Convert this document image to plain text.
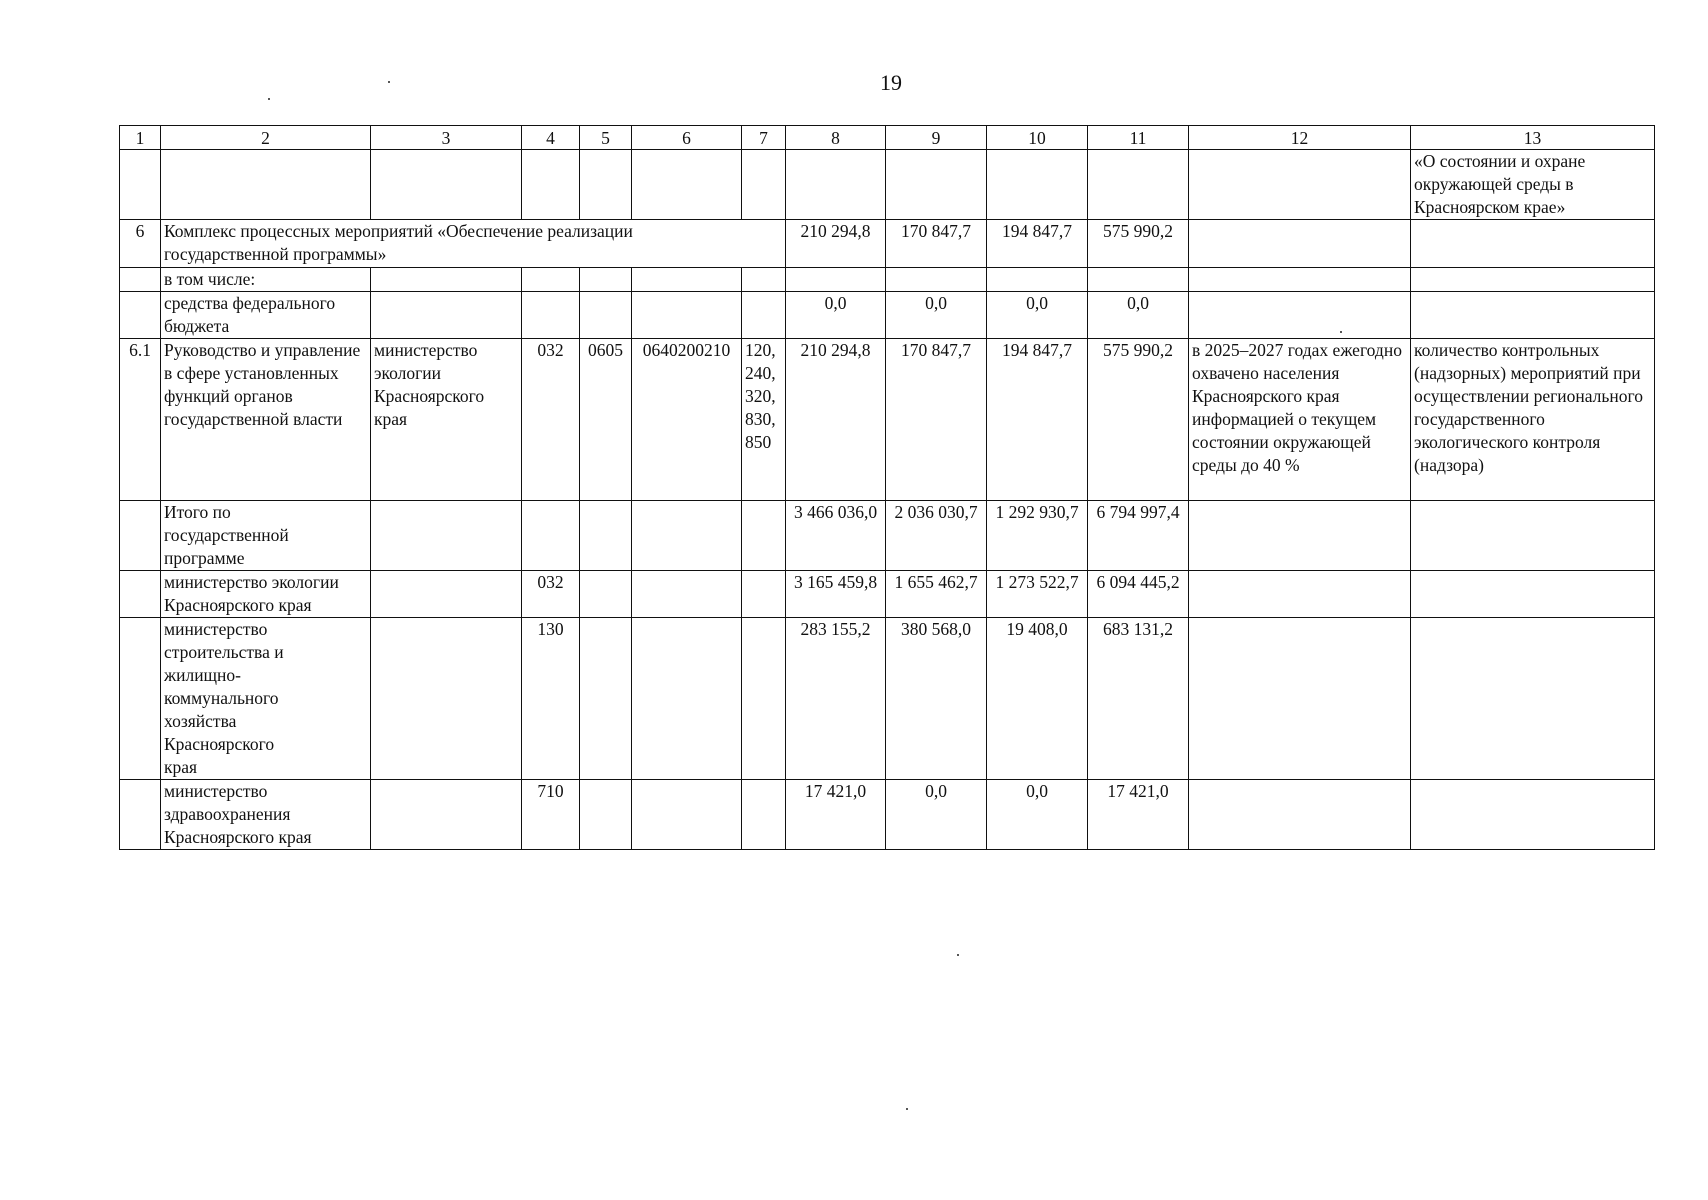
19
1	2	3	4	5	6	7	8	9	10	11	12	13
												«О состоянии и охране окружающей среды в Красноярском крае»
6	Комплекс процессных мероприятий «Обеспечение реализации государственной программы»						210 294,8	170 847,7	194 847,7	575 990,2		
	в том числе:											
	средства федерального бюджета						0,0	0,0	0,0	0,0		
6.1	Руководство и управление в сфере установленных функций органов государственной власти	министерство экологии Красноярского края	032	0605	0640200210	120, 240, 320, 830, 850	210 294,8	170 847,7	194 847,7	575 990,2	в 2025–2027 годах ежегодно охвачено населения Красноярского края информацией о текущем состоянии окружающей среды до 40 %	количество контрольных (надзорных) мероприятий при осуществлении регионального государственного экологического контроля (надзора)
	Итого по государственной программе						3 466 036,0	2 036 030,7	1 292 930,7	6 794 997,4		
	министерство экологии Красноярского края		032				3 165 459,8	1 655 462,7	1 273 522,7	6 094 445,2		
	министерство строительства и жилищно-коммунального хозяйства Красноярского края		130				283 155,2	380 568,0	19 408,0	683 131,2		
	министерство здравоохранения Красноярского края		710				17 421,0	0,0	0,0	17 421,0		
